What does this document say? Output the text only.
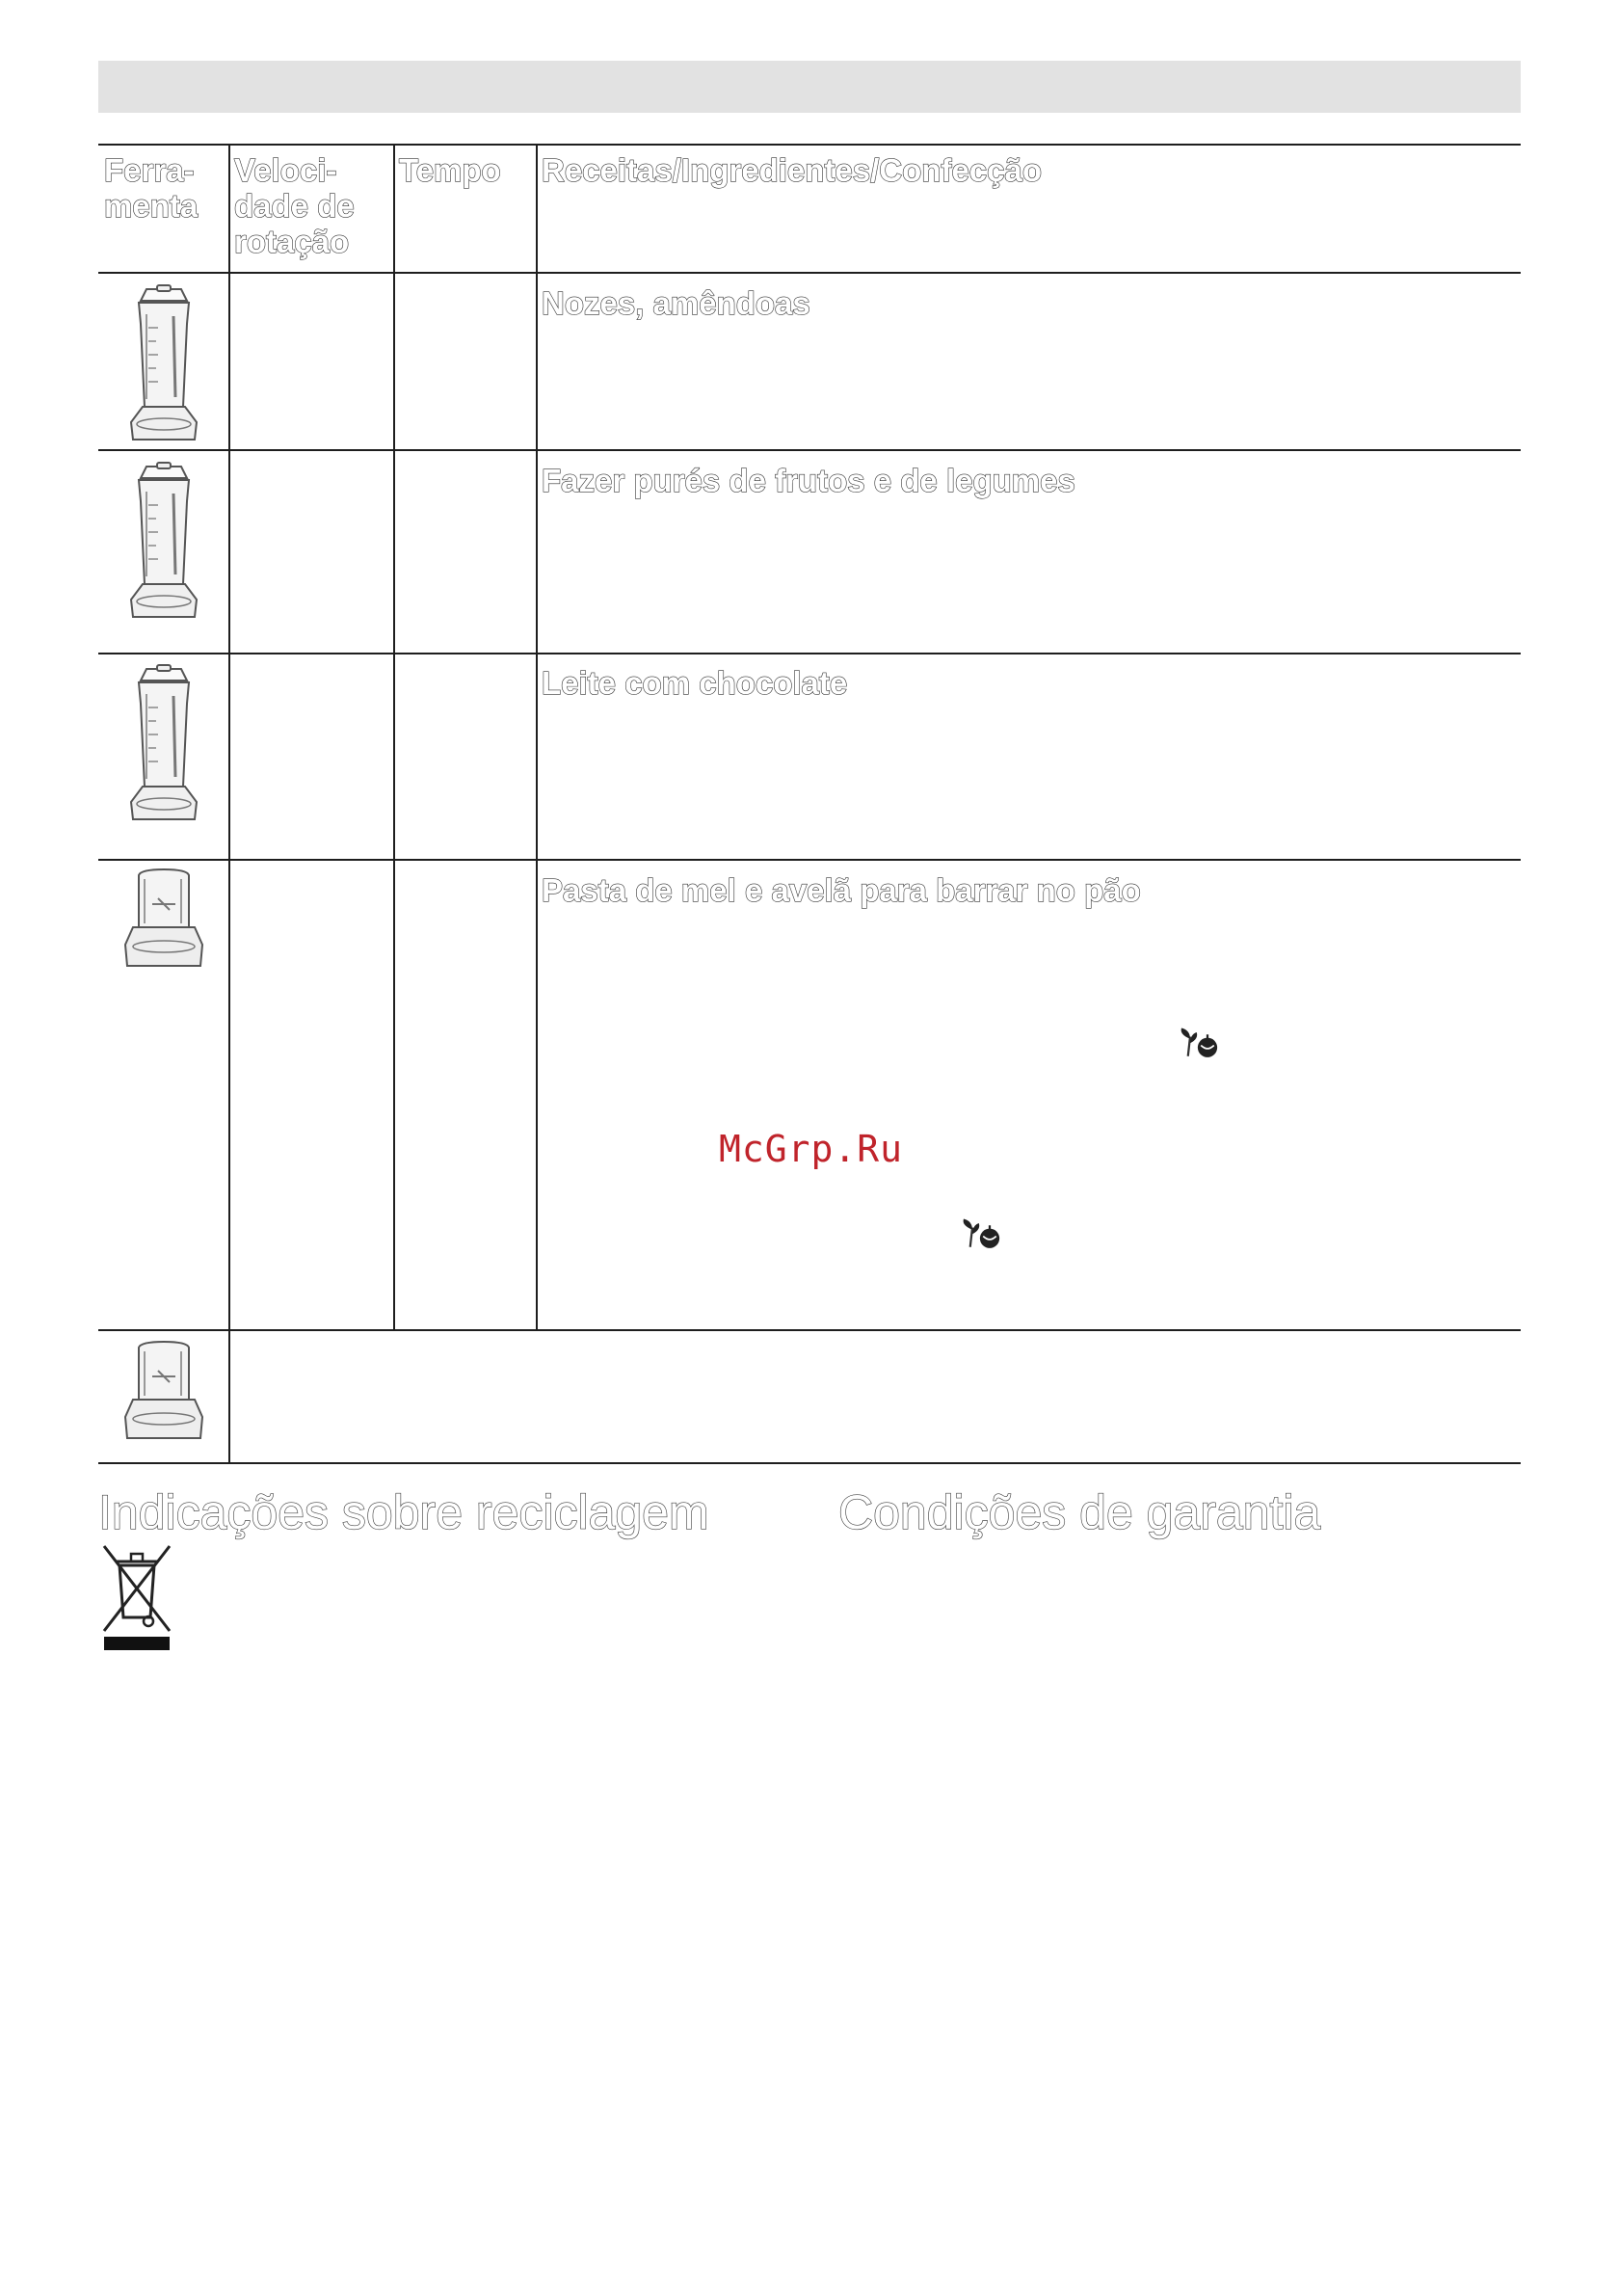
Ferra-
menta
Veloci-
dade de
rotação
Tempo Receitas/Ingredientes/Confecção
Nozes, amêndoas
Fazer purés de frutos e de legumes
Leite com chocolate
Pasta de mel e avelã para barrar no pão
McGrp.Ru
Indicações sobre reciclagem	Condições de garantia
